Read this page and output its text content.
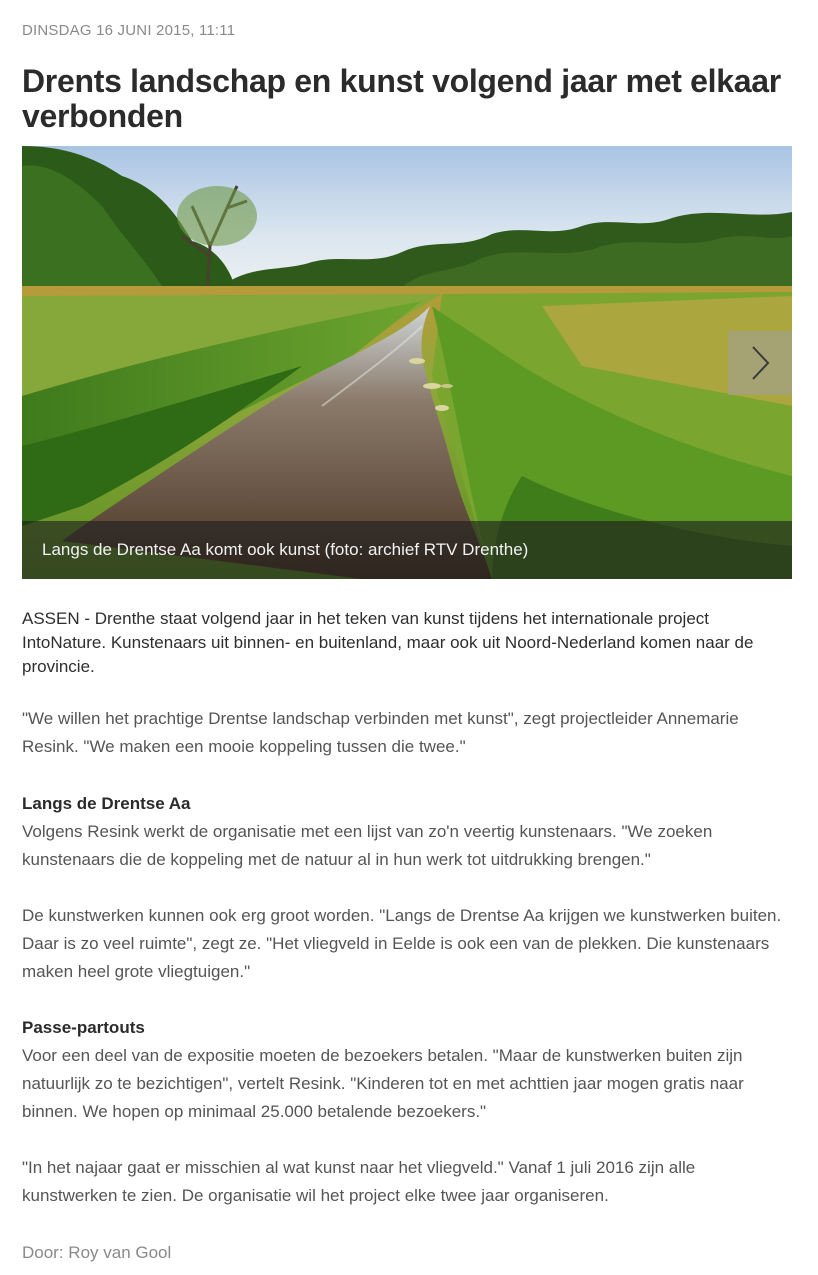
DINSDAG 16 JUNI 2015, 11:11
Drents landschap en kunst volgend jaar met elkaar verbonden
Langs de Drentse Aa komt ook kunst (foto: archief RTV Drenthe)

ASSEN - Drenthe staat volgend jaar in het teken van kunst tijdens het internationale project IntoNature. Kunstenaars uit binnen- en buitenland, maar ook uit Noord-Nederland komen naar de provincie.

"We willen het prachtige Drentse landschap verbinden met kunst", zegt projectleider Annemarie Resink. "We maken een mooie koppeling tussen die twee."

Langs de Drentse Aa

Volgens Resink werkt de organisatie met een lijst van zo'n veertig kunstenaars. "We zoeken kunstenaars die de koppeling met de natuur al in hun werk tot uitdrukking brengen."

De kunstwerken kunnen ook erg groot worden. "Langs de Drentse Aa krijgen we kunstwerken buiten. Daar is zo veel ruimte", zegt ze. "Het vliegveld in Eelde is ook een van de plekken. Die kunstenaars maken heel grote vliegtuigen."

Passe-partouts

Voor een deel van de expositie moeten de bezoekers betalen. "Maar de kunstwerken buiten zijn natuurlijk zo te bezichtigen", vertelt Resink. "Kinderen tot en met achttien jaar mogen gratis naar binnen. We hopen op minimaal 25.000 betalende bezoekers."

"In het najaar gaat er misschien al wat kunst naar het vliegveld." Vanaf 1 juli 2016 zijn alle kunstwerken te zien. De organisatie wil het project elke twee jaar organiseren.

Door: Roy van Gool
